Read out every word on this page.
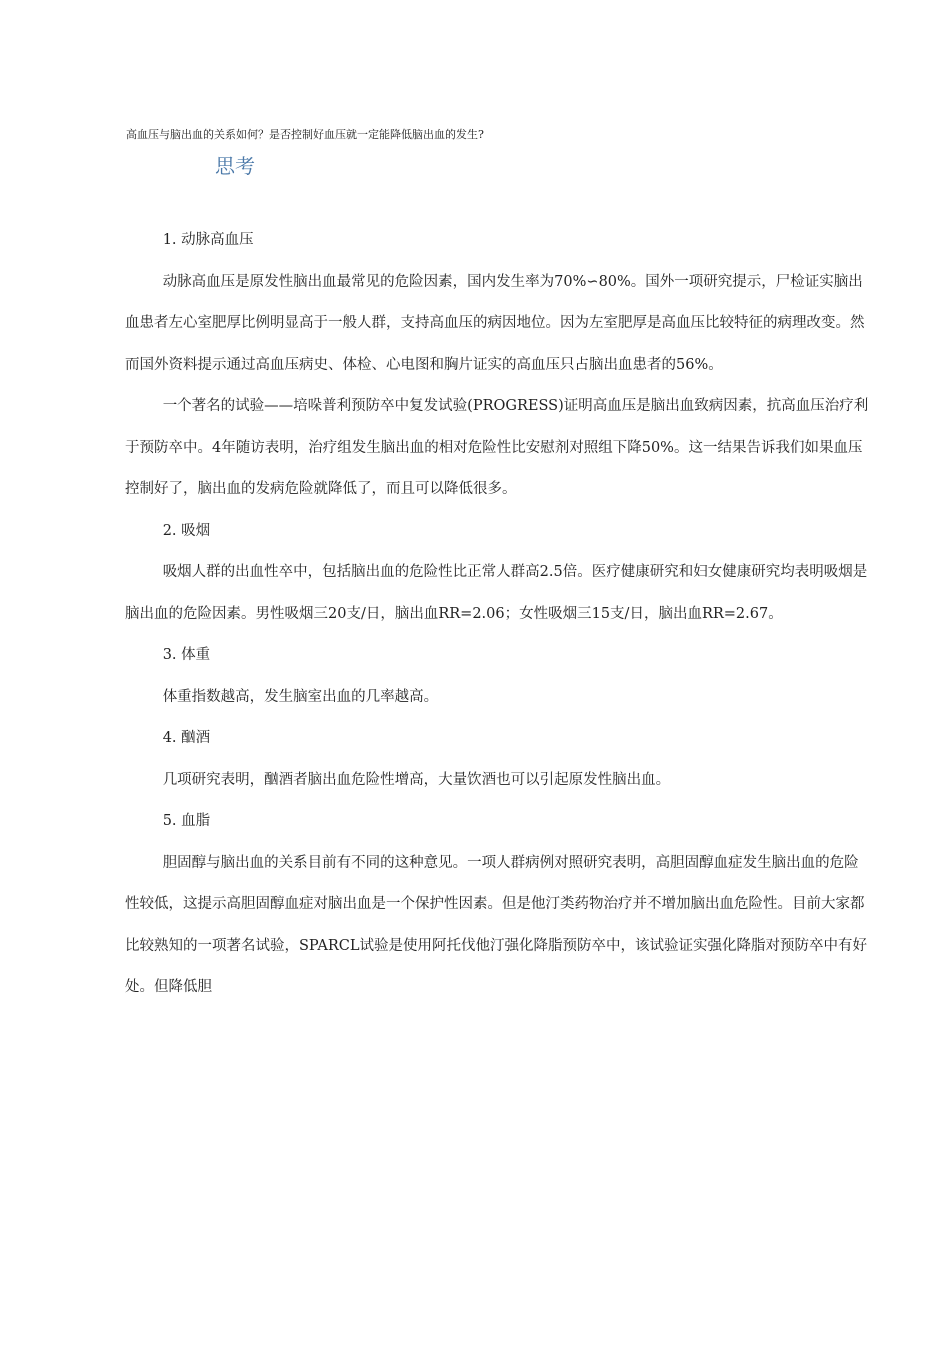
高血压与脑出血的关系如何？是否控制好血压就一定能降低脑出血的发生?
思考

1. 动脉高血压

动脉高血压是原发性脑出血最常见的危险因素，国内发生率为70%∽80%。国外一项研究提示，尸检证实脑出血患者左心室肥厚比例明显高于一般人群，支持高血压的病因地位。因为左室肥厚是高血压比较特征的病理改变。然而国外资料提示通过高血压病史、体检、心电图和胸片证实的高血压只占脑出血患者的56%。

一个著名的试验——培哚普利预防卒中复发试验(PROGRESS)证明高血压是脑出血致病因素，抗高血压治疗利于预防卒中。4年随访表明，治疗组发生脑出血的相对危险性比安慰剂对照组下降50%。这一结果告诉我们如果血压控制好了，脑出血的发病危险就降低了，而且可以降低很多。

2. 吸烟

吸烟人群的出血性卒中，包括脑出血的危险性比正常人群高2.5倍。医疗健康研究和妇女健康研究均表明吸烟是脑出血的危险因素。男性吸烟三20支/日，脑出血RR=2.06；女性吸烟三15支/日，脑出血RR=2.67。

3. 体重

体重指数越高，发生脑室出血的几率越高。

4. 酗酒

几项研究表明，酗酒者脑出血危险性增高，大量饮酒也可以引起原发性脑出血。

5. 血脂

胆固醇与脑出血的关系目前有不同的这种意见。一项人群病例对照研究表明，高胆固醇血症发生脑出血的危险性较低，这提示高胆固醇血症对脑出血是一个保护性因素。但是他汀类药物治疗并不增加脑出血危险性。目前大家都比较熟知的一项著名试验，SPARCL试验是使用阿托伐他汀强化降脂预防卒中，该试验证实强化降脂对预防卒中有好处。但降低胆
